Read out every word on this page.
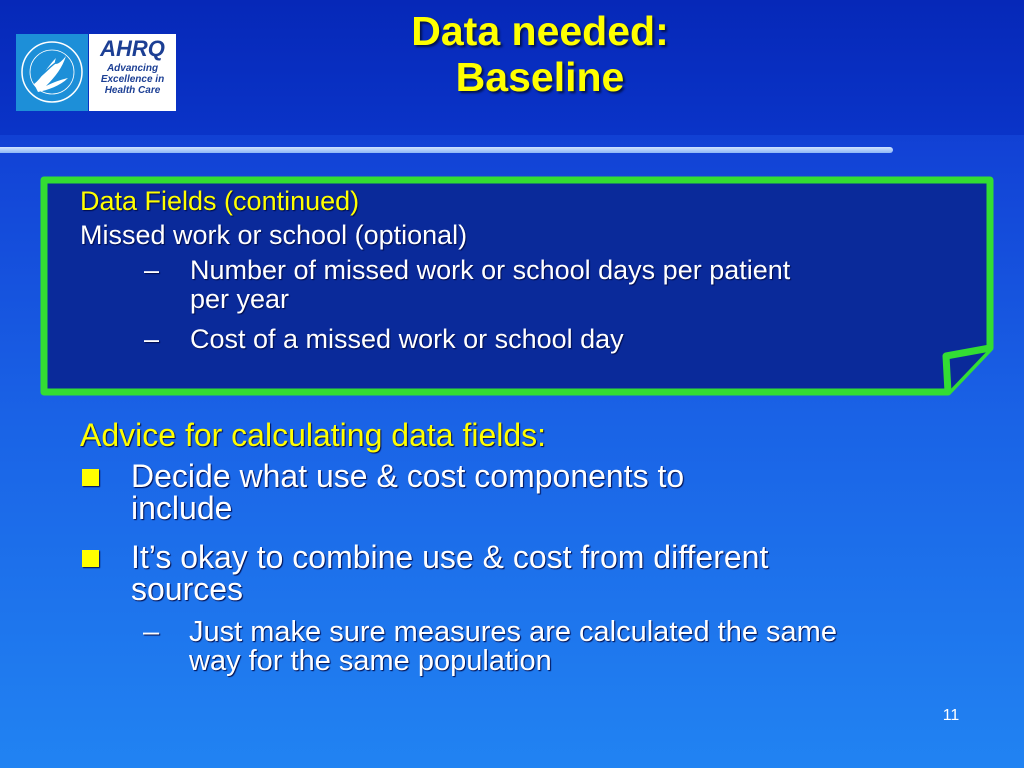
AHRQ
Advancing
Excellence in
Health Care
Data needed:
Baseline
Data Fields (continued)
Missed work or school (optional)
– Number of missed work or school days per patient
per year
– Cost of a missed work or school day
Advice for calculating data fields:
Decide what use & cost components to
include
It’s okay to combine use & cost from different
sources
– Just make sure measures are calculated the same
way for the same population
11
